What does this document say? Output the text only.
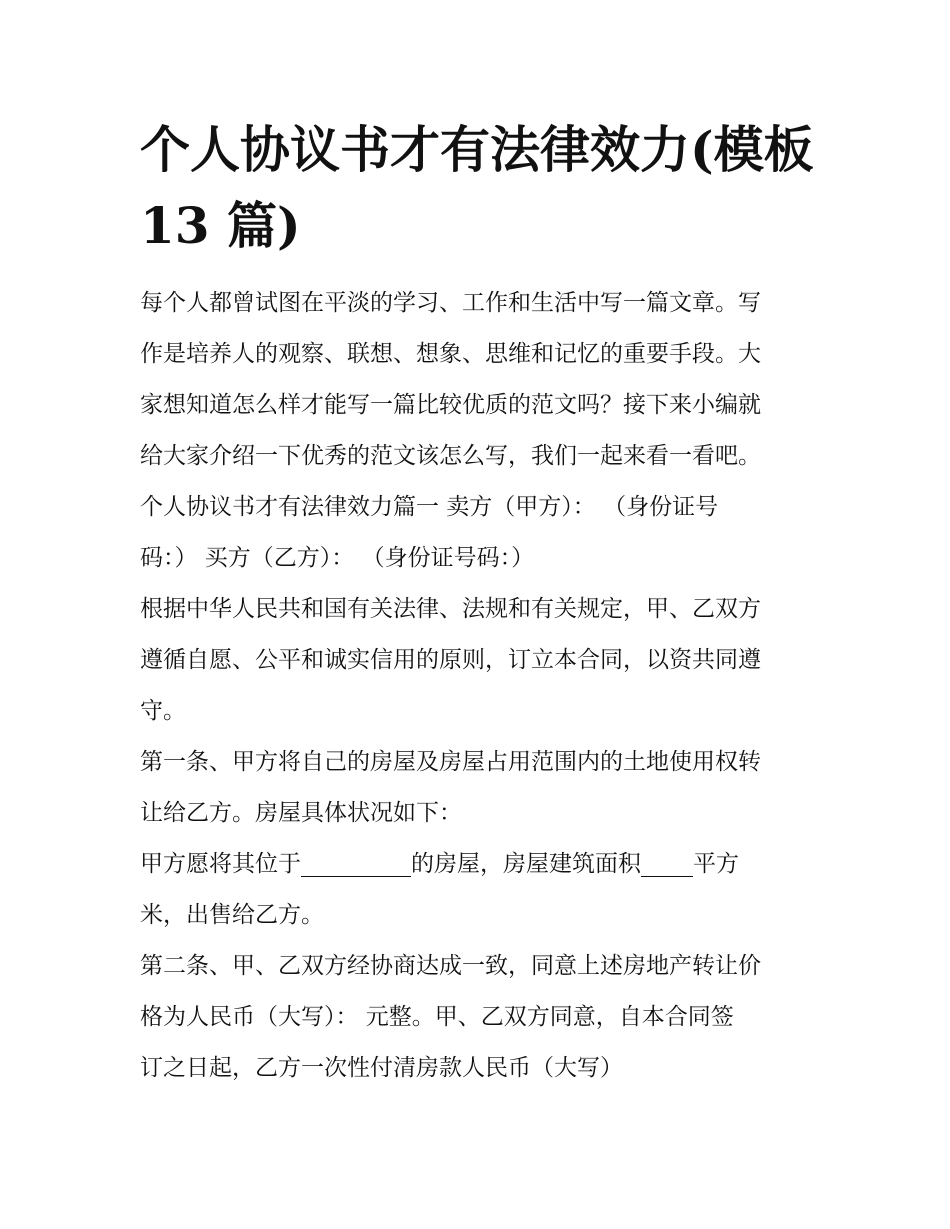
个人协议书才有法律效力(模板
13 篇)
每个人都曾试图在平淡的学习、工作和生活中写一篇文章。写
作是培养人的观察、联想、想象、思维和记忆的重要手段。大
家想知道怎么样才能写一篇比较优质的范文吗？接下来小编就
给大家介绍一下优秀的范文该怎么写，我们一起来看一看吧。
个人协议书才有法律效力篇一 卖方（甲方）： （身份证号
码：） 买方（乙方）： （身份证号码：）
根据中华人民共和国有关法律、法规和有关规定，甲、乙双方
遵循自愿、公平和诚实信用的原则，订立本合同，以资共同遵
守。
第一条、甲方将自己的房屋及房屋占用范围内的土地使用权转
让给乙方。房屋具体状况如下：
甲方愿将其位于	的房屋，房屋建筑面积 平方
米，出售给乙方。
第二条、甲、乙双方经协商达成一致，同意上述房地产转让价
格为人民币（大写）： 元整。甲、乙双方同意，自本合同签
订之日起，乙方一次性付清房款人民币（大写）
